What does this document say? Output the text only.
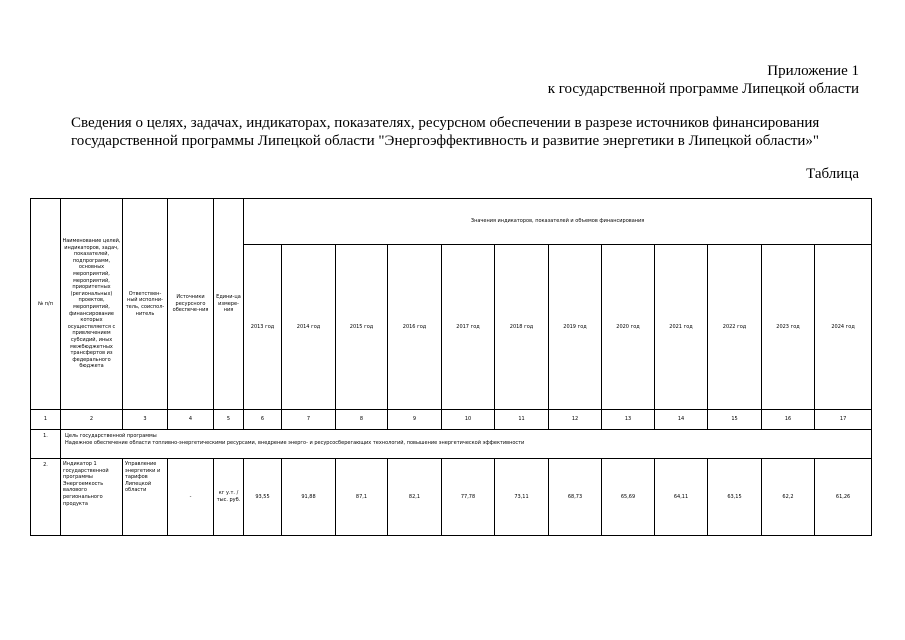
Приложение 1
к государственной программе Липецкой области
Сведения о целях, задачах, индикаторах, показателях, ресурсном обеспечении в разрезе источников финансирования государственной программы Липецкой области "Энергоэффективность и развитие энергетики в Липецкой области»"
Таблица
№ п/п	Наименование целей, индикаторов, задач, показателей, подпрограмм, основных мероприятий, мероприятий, приоритетных (региональных) проектов, мероприятий, финансирование которых осуществляется с привлечением субсидий, иных межбюджетных трансфертов из федерального бюджета	Ответствен-ный исполни-тель, соиспол-нитель	Источники ресурсного обеспече-ния	Едини-ца измере-ния	Значения индикаторов, показателей и объемов финансирования											
					2013 год	2014 год	2015 год	2016 год	2017 год	2018 год	2019 год	2020 год	2021 год	2022 год	2023 год	2024 год
1	2	3	4	5	6	7	8	9	10	11	12	13	14	15	16	17
1.	Цель государственной программы
Надежное обеспечение области топливно-энергетическими ресурсами, внедрение энерго- и ресурсосберегающих технологий, повышение энергетической эффективности															

2.	Индикатор 1 государственной программы Энергоемкость валового регионального продукта	Управление энергетики и тарифов Липецкой области	-	кг у.т. / тыс. руб.	93,55	91,88	87,1	82,1	77,78	73,11	68,73	65,69	64,11	63,15	62,2	61,26
